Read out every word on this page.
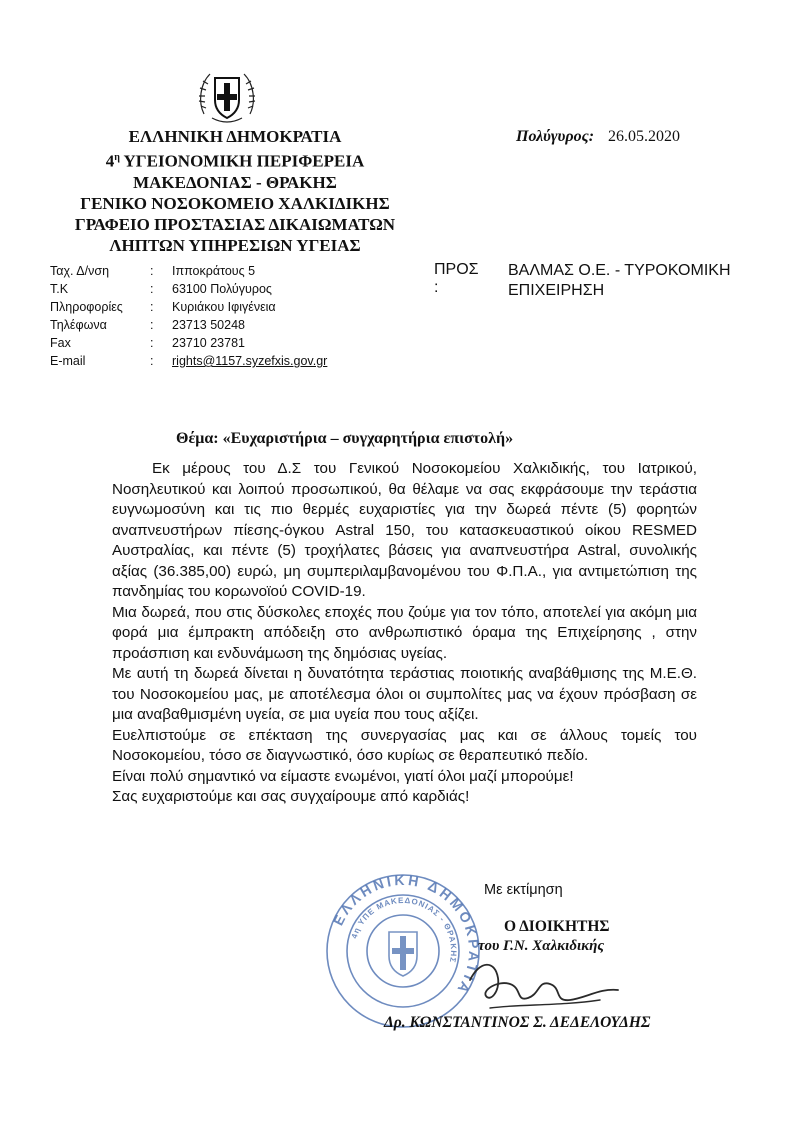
ΕΛΛΗΝΙΚΗ ΔΗΜΟΚΡΑΤΙΑ
$4^\eta$ ΥΓΕΙΟΝΟΜΙΚΗ ΠΕΡΙΦΕΡΕΙΑ
ΜΑΚΕΔΟΝΙΑΣ - ΘΡΑΚΗΣ
ΓΕΝΙΚΟ ΝΟΣΟΚΟΜΕΙΟ ΧΑΛΚΙΔΙΚΗΣ
ΓΡΑΦΕΙΟ ΠΡΟΣΤΑΣΙΑΣ ΔΙΚΑΙΩΜΑΤΩΝ
ΛΗΠΤΩΝ ΥΠΗΡΕΣΙΩΝ ΥΓΕΙΑΣ
Πολύγυρος: 26.05.2020
Ταχ. Δ/νση	: Ιπποκράτους 5
Τ.Κ	: 63100 Πολύγυρος
Πληροφορίες	: Κυριάκου Ιφιγένεια
Τηλέφωνα	: 23713 50248
Fax	: 23710 23781
E-mail	: rights@1157.syzefxis.gov.gr
ΠΡΟΣ :
ΒΑΛΜΑΣ Ο.Ε. - ΤΥΡΟΚΟΜΙΚΗ
ΕΠΙΧΕΙΡΗΣΗ
Θέμα: «Ευχαριστήρια – συγχαρητήρια επιστολή»

Εκ μέρους του Δ.Σ του Γενικού Νοσοκομείου Χαλκιδικής, του Ιατρικού, Νοσηλευτικού και λοιπού προσωπικού, θα θέλαμε να σας εκφράσουμε την τεράστια ευγνωμοσύνη και τις πιο θερμές ευχαριστίες για την δωρεά πέντε (5) φορητών αναπνευστήρων πίεσης-όγκου Astral 150, του κατασκευαστικού οίκου RESMED Αυστραλίας, και πέντε (5) τροχήλατες βάσεις για αναπνευστήρα Astral, συνολικής αξίας (36.385,00) ευρώ, μη συμπεριλαμβανομένου του Φ.Π.Α., για αντιμετώπιση της πανδημίας του κορωνοϊού COVID-19.

Μια δωρεά, που στις δύσκολες εποχές που ζούμε για τον τόπο, αποτελεί για ακόμη μια φορά μια έμπρακτη απόδειξη στο ανθρωπιστικό όραμα της Επιχείρησης , στην προάσπιση και ενδυνάμωση της δημόσιας υγείας.

Με αυτή τη δωρεά δίνεται η δυνατότητα τεράστιας ποιοτικής αναβάθμισης της Μ.Ε.Θ. του Νοσοκομείου μας, με αποτέλεσμα όλοι οι συμπολίτες μας να έχουν πρόσβαση σε μια αναβαθμισμένη υγεία, σε μια υγεία που τους αξίζει.

Ευελπιστούμε σε επέκταση της συνεργασίας μας και σε άλλους τομείς του Νοσοκομείου, τόσο σε διαγνωστικό, όσο κυρίως σε θεραπευτικό πεδίο.

Είναι πολύ σημαντικό να είμαστε ενωμένοι, γιατί όλοι μαζί μπορούμε!

Σας ευχαριστούμε και σας συγχαίρουμε από καρδιάς!

ΕΛΛΗΝΙΚΗ ΔΗΜΟΚΡΑΤΙΑ
4η ΥΠΕ ΜΑΚΕΔΟΝΙΑΣ - ΘΡΑΚΗΣ
Με εκτίμηση
Ο ΔΙΟΙΚΗΤΗΣ
του Γ.Ν. Χαλκιδικής
Δρ. ΚΩΝΣΤΑΝΤΙΝΟΣ Σ. ΔΕΔΕΛΟΥΔΗΣ
